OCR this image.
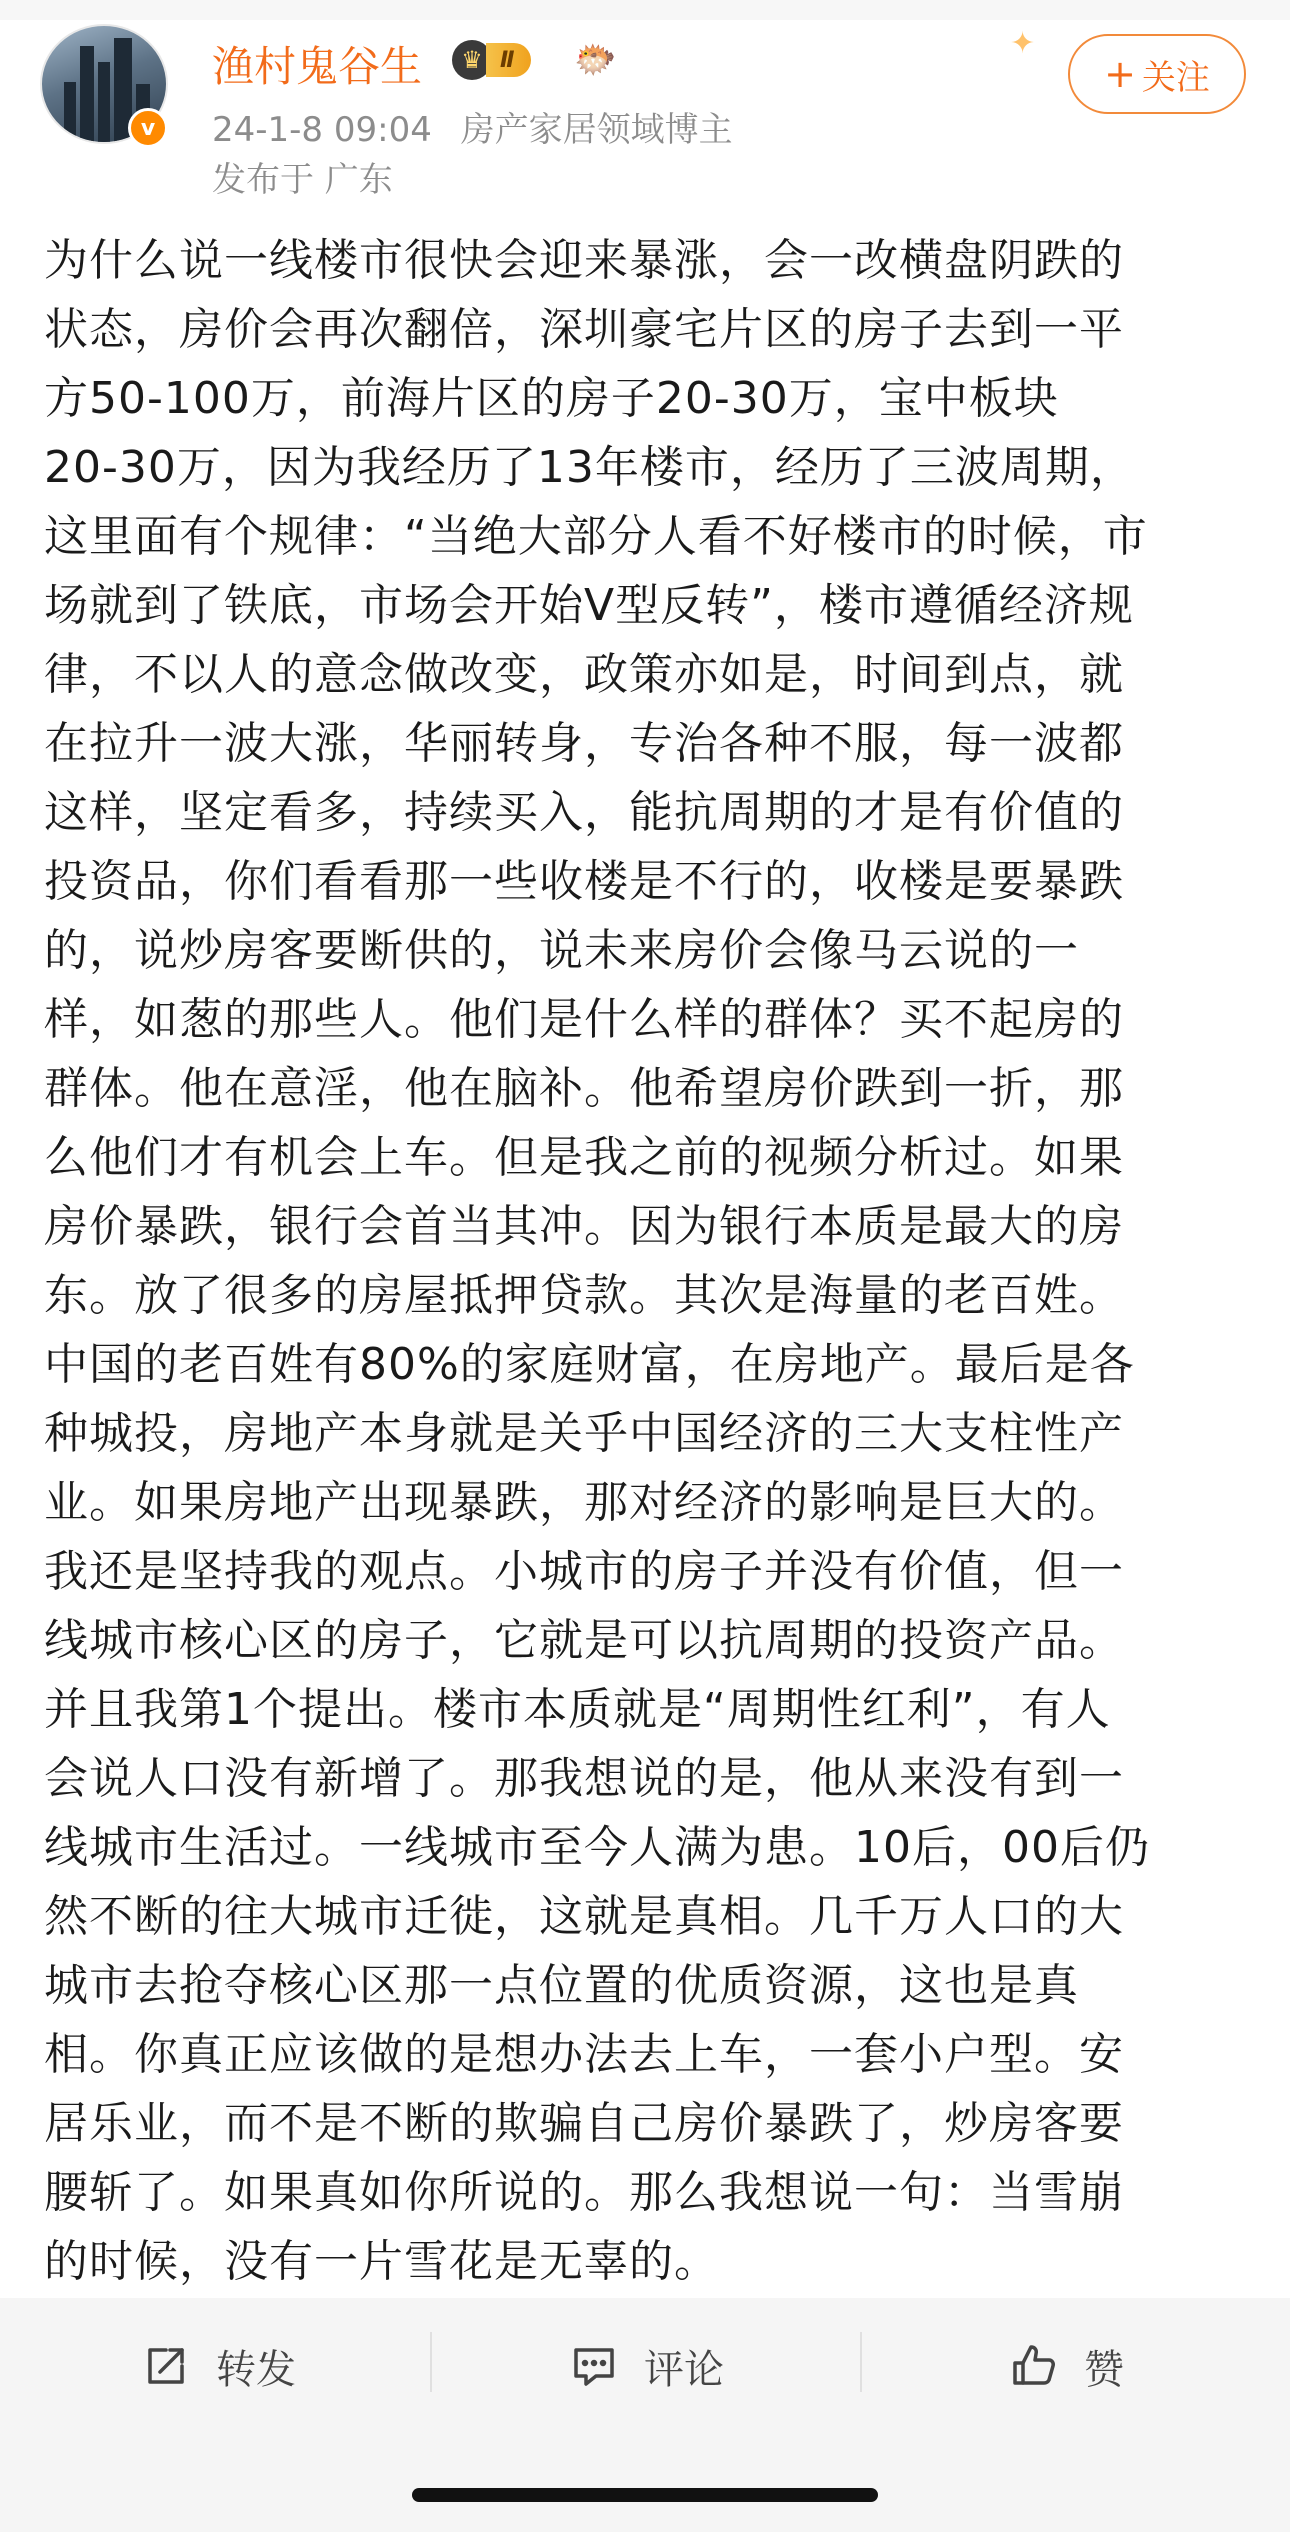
v
渔村鬼谷生	♛ Ⅱ	🐡
24-1-8 09:04 房产家居领域博主
发布于 广东
✦
+ 关注
为什么说一线楼市很快会迎来暴涨，会一改横盘阴跌的
状态，房价会再次翻倍，深圳豪宅片区的房子去到一平
方50-100万，前海片区的房子20-30万，宝中板块
20-30万，因为我经历了13年楼市，经历了三波周期，
这里面有个规律：“当绝大部分人看不好楼市的时候，市
场就到了铁底，市场会开始V型反转”，楼市遵循经济规
律，不以人的意念做改变，政策亦如是，时间到点，就
在拉升一波大涨，华丽转身，专治各种不服，每一波都
这样，坚定看多，持续买入，能抗周期的才是有价值的
投资品，你们看看那一些收楼是不行的，收楼是要暴跌
的，说炒房客要断供的，说未来房价会像马云说的一
样，如葱的那些人。他们是什么样的群体？买不起房的
群体。他在意淫，他在脑补。他希望房价跌到一折，那
么他们才有机会上车。但是我之前的视频分析过。如果
房价暴跌，银行会首当其冲。因为银行本质是最大的房
东。放了很多的房屋抵押贷款。其次是海量的老百姓。
中国的老百姓有80%的家庭财富，在房地产。最后是各
种城投，房地产本身就是关乎中国经济的三大支柱性产
业。如果房地产出现暴跌，那对经济的影响是巨大的。
我还是坚持我的观点。小城市的房子并没有价值，但一
线城市核心区的房子，它就是可以抗周期的投资产品。
并且我第1个提出。楼市本质就是“周期性红利”，有人
会说人口没有新增了。那我想说的是，他从来没有到一
线城市生活过。一线城市至今人满为患。10后，00后仍
然不断的往大城市迁徙，这就是真相。几千万人口的大
城市去抢夺核心区那一点位置的优质资源，这也是真
相。你真正应该做的是想办法去上车，一套小户型。安
居乐业，而不是不断的欺骗自己房价暴跌了，炒房客要
腰斩了。如果真如你所说的。那么我想说一句：当雪崩
的时候，没有一片雪花是无辜的。
转发	评论	赞
